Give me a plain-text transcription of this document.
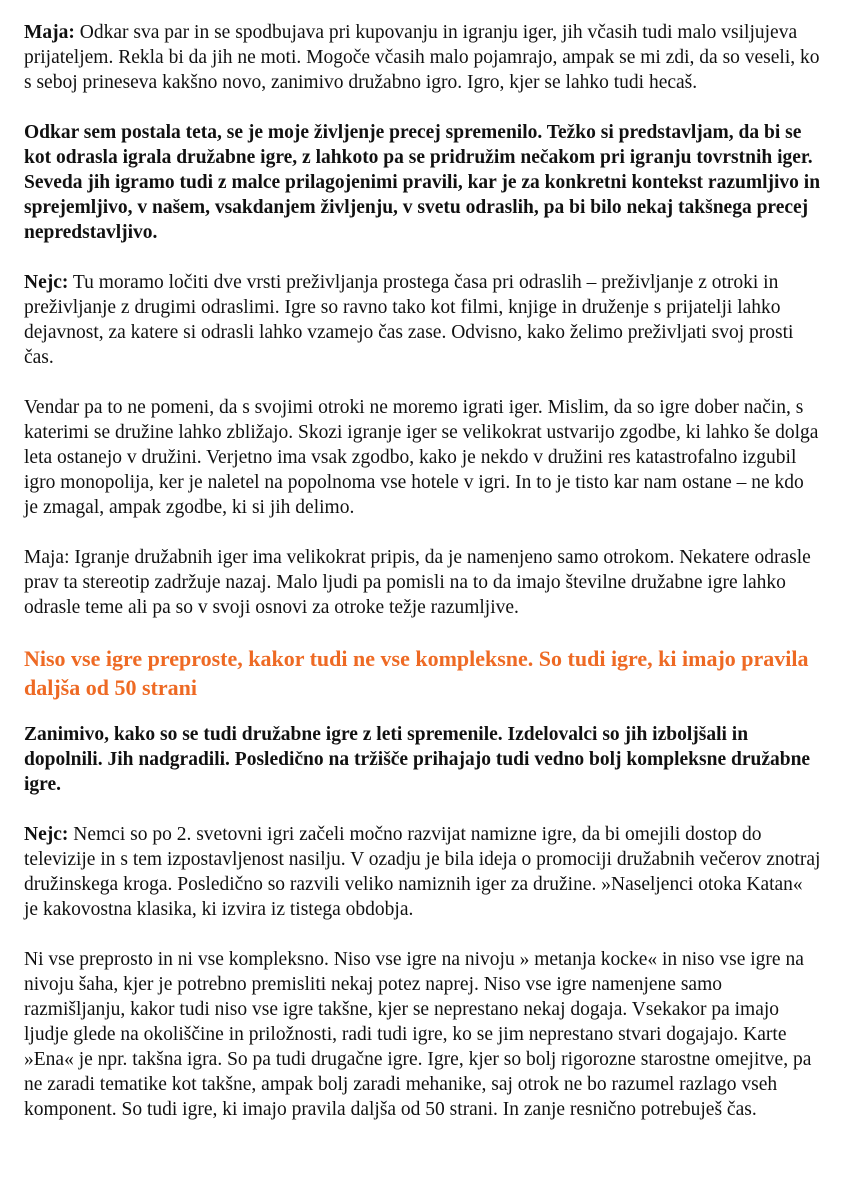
Maja: Odkar sva par in se spodbujava pri kupovanju in igranju iger, jih včasih tudi malo vsiljujeva prijateljem. Rekla bi da jih ne moti. Mogoče včasih malo pojamrajo, ampak se mi zdi, da so veseli, ko s seboj prineseva kakšno novo, zanimivo družabno igro. Igro, kjer se lahko tudi hecaš.

Odkar sem postala teta, se je moje življenje precej spremenilo. Težko si predstavljam, da bi se kot odrasla igrala družabne igre, z lahkoto pa se pridružim nečakom pri igranju tovrstnih iger. Seveda jih igramo tudi z malce prilagojenimi pravili, kar je za konkretni kontekst razumljivo in sprejemljivo, v našem, vsakdanjem življenju, v svetu odraslih, pa bi bilo nekaj takšnega precej nepredstavljivo.

Nejc: Tu moramo ločiti dve vrsti preživljanja prostega časa pri odraslih – preživljanje z otroki in preživljanje z drugimi odraslimi. Igre so ravno tako kot filmi, knjige in druženje s prijatelji lahko dejavnost, za katere si odrasli lahko vzamejo čas zase. Odvisno, kako želimo preživljati svoj prosti čas.

Vendar pa to ne pomeni, da s svojimi otroki ne moremo igrati iger. Mislim, da so igre dober način, s katerimi se družine lahko zbližajo. Skozi igranje iger se velikokrat ustvarijo zgodbe, ki lahko še dolga leta ostanejo v družini. Verjetno ima vsak zgodbo, kako je nekdo v družini res katastrofalno izgubil igro monopolija, ker je naletel na popolnoma vse hotele v igri. In to je tisto kar nam ostane – ne kdo je zmagal, ampak zgodbe, ki si jih delimo.

Maja: Igranje družabnih iger ima velikokrat pripis, da je namenjeno samo otrokom. Nekatere odrasle prav ta stereotip zadržuje nazaj. Malo ljudi pa pomisli na to da imajo številne družabne igre lahko odrasle teme ali pa so v svoji osnovi za otroke težje razumljive.

Niso vse igre preproste, kakor tudi ne vse kompleksne. So tudi igre, ki imajo pravila daljša od 50 strani

Zanimivo, kako so se tudi družabne igre z leti spremenile. Izdelovalci so jih izboljšali in dopolnili. Jih nadgradili. Posledično na tržišče prihajajo tudi vedno bolj kompleksne družabne igre.

Nejc: Nemci so po 2. svetovni igri začeli močno razvijat namizne igre, da bi omejili dostop do televizije in s tem izpostavljenost nasilju. V ozadju je bila ideja o promociji družabnih večerov znotraj družinskega kroga. Posledično so razvili veliko namiznih iger za družine. »Naseljenci otoka Katan« je kakovostna klasika, ki izvira iz tistega obdobja.

Ni vse preprosto in ni vse kompleksno. Niso vse igre na nivoju » metanja kocke« in niso vse igre na nivoju šaha, kjer je potrebno premisliti nekaj potez naprej. Niso vse igre namenjene samo razmišljanju, kakor tudi niso vse igre takšne, kjer se neprestano nekaj dogaja. Vsekakor pa imajo ljudje glede na okoliščine in priložnosti, radi tudi igre, ko se jim neprestano stvari dogajajo. Karte »Ena« je npr. takšna igra. So pa tudi drugačne igre. Igre, kjer so bolj rigorozne starostne omejitve, pa ne zaradi tematike kot takšne, ampak bolj zaradi mehanike, saj otrok ne bo razumel razlago vseh komponent. So tudi igre, ki imajo pravila daljša od 50 strani. In zanje resnično potrebuješ čas.
